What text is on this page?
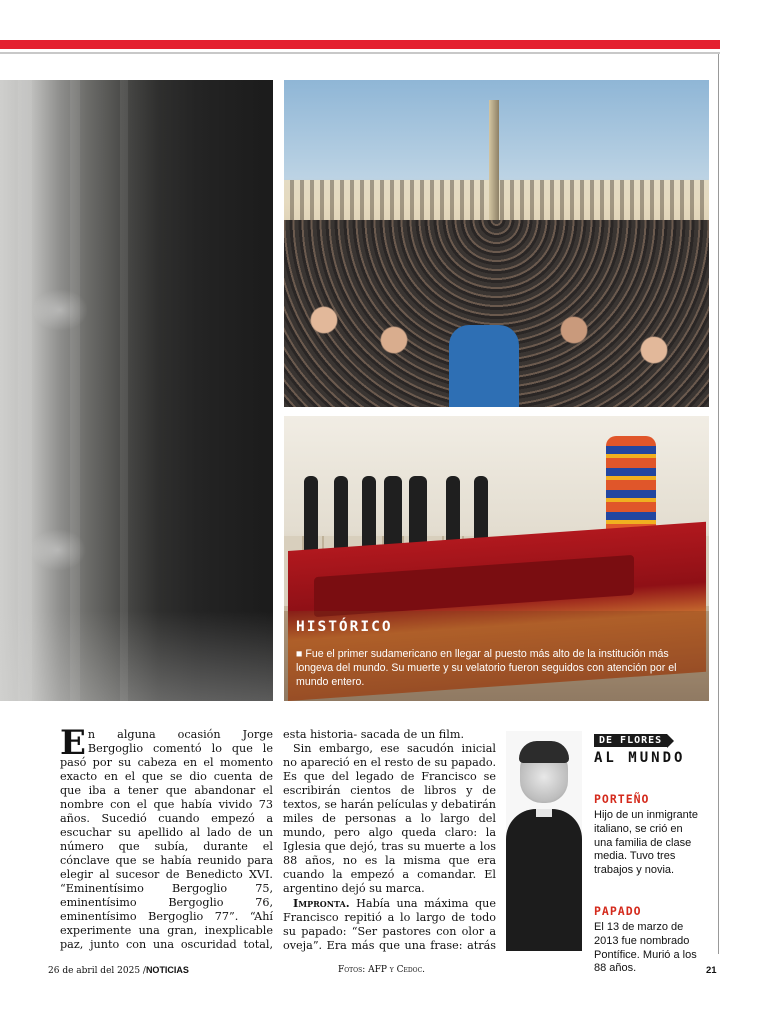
HISTÓRICO
■ Fue el primer sudamericano en llegar al puesto más alto de la institución más longeva del mundo. Su muerte y su velatorio fueron seguidos con atención por el mundo entero.

E n alguna ocasión Jorge Bergoglio comentó lo que le pasó por su cabeza en el momento exacto en el que se dio cuenta de que iba a tener que abandonar el nombre con el que había vivido 73 años. Sucedió cuando empezó a escuchar su apellido al lado de un número que subía, durante el cónclave que se había reunido para elegir al sucesor de Benedicto XVI. “Eminentísimo Bergoglio 75, eminentísimo Bergoglio 76, eminentísimo Bergoglio 77”. “Ahí experimente una gran, inexplicable paz, junto con una oscuridad total,

esta historia- sacada de un film.

Sin embargo, ese sacudón inicial no apareció en el resto de su papado. Es que del legado de Francisco se escribirán cientos de libros y de textos, se harán películas y debatirán miles de personas a lo largo del mundo, pero algo queda claro: la Iglesia que dejó, tras su muerte a los 88 años, no es la misma que era cuando la empezó a comandar. El argentino dejó su marca.

Impronta. Había una máxima que Francisco repitió a lo largo de todo su papado: “Ser pastores con olor a oveja”. Era más que una frase: atrás

DE FLORES
AL MUNDO
PORTEÑO
Hijo de un inmigrante italiano, se crió en una familia de clase media. Tuvo tres trabajos y novia.
PAPADO
El 13 de marzo de 2013 fue nombrado Pontífice. Murió a los 88 años.
26 de abril del 2025 /NOTICIAS	Fotos: AFP y Cedoc.	21
